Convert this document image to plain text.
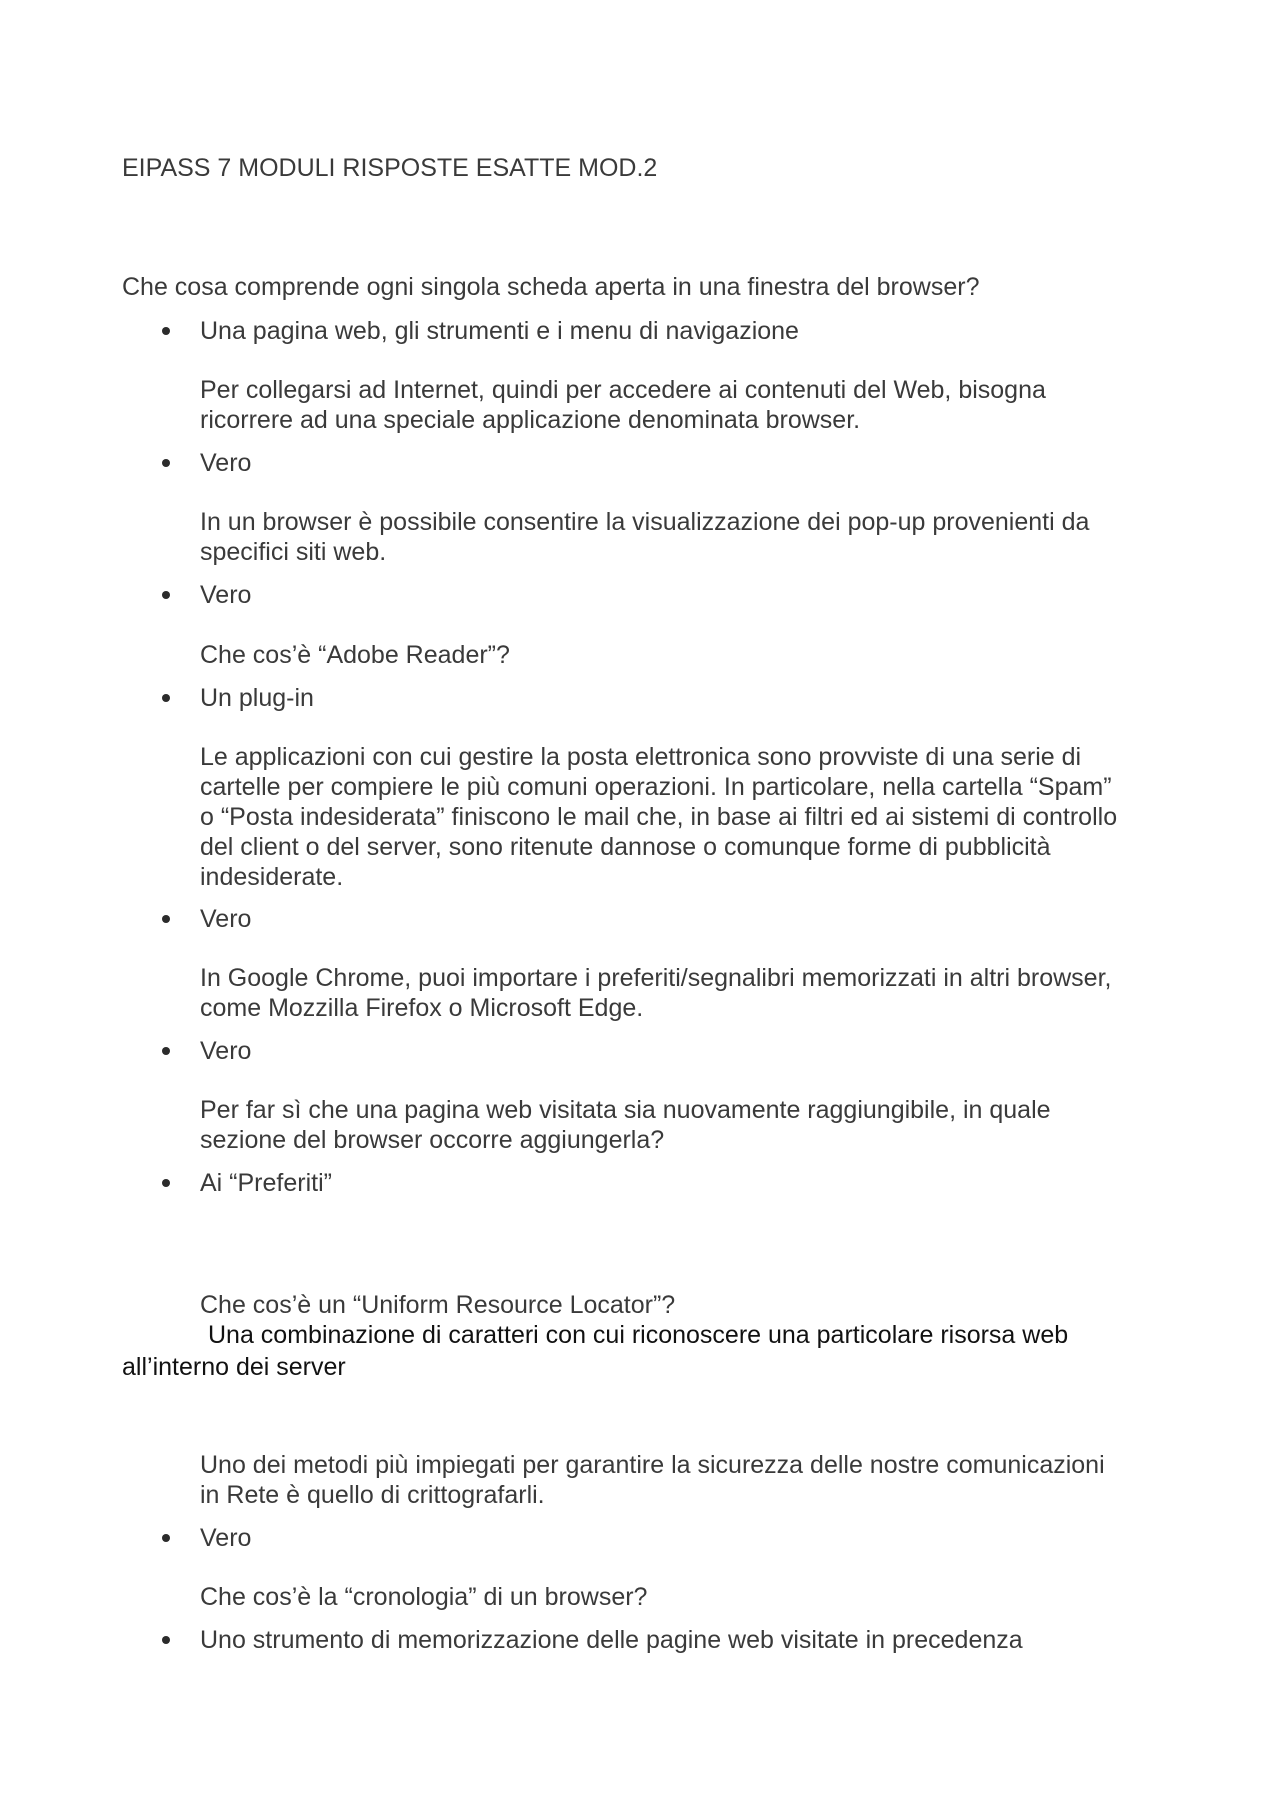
EIPASS 7 MODULI RISPOSTE ESATTE MOD.2

Che cosa comprende ogni singola scheda aperta in una finestra del browser?

Una pagina web, gli strumenti e i menu di navigazione

Per collegarsi ad Internet, quindi per accedere ai contenuti del Web, bisogna

ricorrere ad una speciale applicazione denominata browser.

Vero

In un browser è possibile consentire la visualizzazione dei pop-up provenienti da

specifici siti web.

Vero

Che cos’è “Adobe Reader”?

Un plug-in

Le applicazioni con cui gestire la posta elettronica sono provviste di una serie di

cartelle per compiere le più comuni operazioni. In particolare, nella cartella “Spam”

o “Posta indesiderata” finiscono le mail che, in base ai filtri ed ai sistemi di controllo

del client o del server, sono ritenute dannose o comunque forme di pubblicità

indesiderate.

Vero

In Google Chrome, puoi importare i preferiti/segnalibri memorizzati in altri browser,

come Mozzilla Firefox o Microsoft Edge.

Vero

Per far sì che una pagina web visitata sia nuovamente raggiungibile, in quale

sezione del browser occorre aggiungerla?

Ai “Preferiti”

Che cos’è un “Uniform Resource Locator”?

Una combinazione di caratteri con cui riconoscere una particolare risorsa web

all’interno dei server

Uno dei metodi più impiegati per garantire la sicurezza delle nostre comunicazioni

in Rete è quello di crittografarli.

Vero

Che cos’è la “cronologia” di un browser?

Uno strumento di memorizzazione delle pagine web visitate in precedenza
